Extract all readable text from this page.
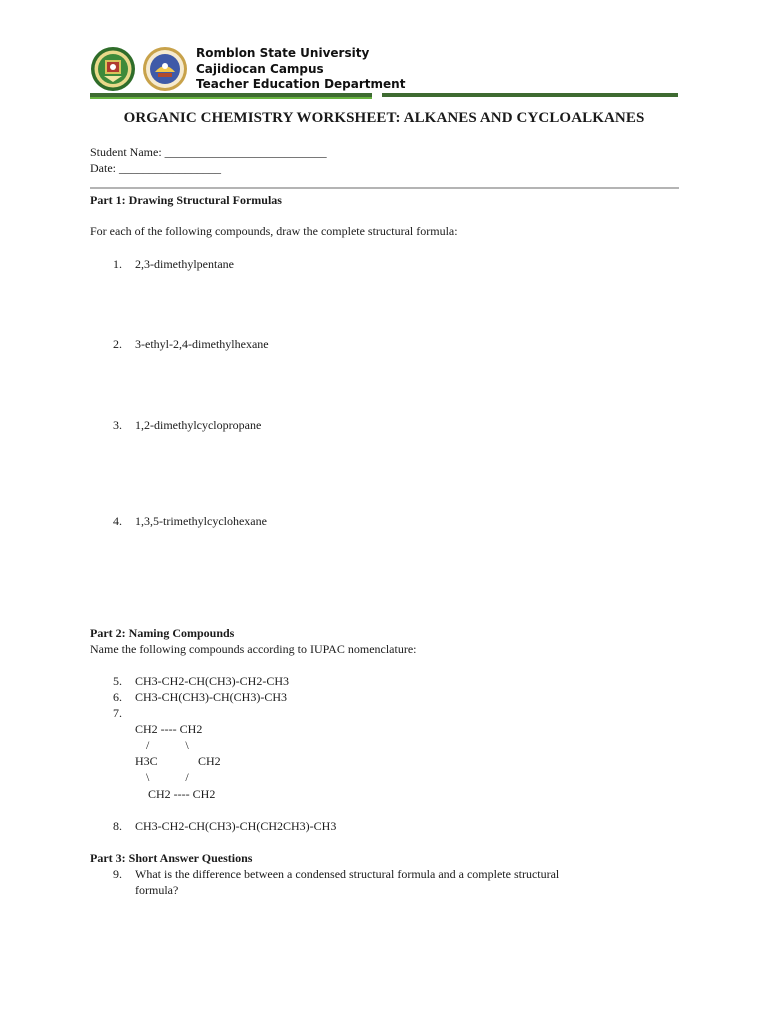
Romblon State University
Cajidiocan Campus
Teacher Education Department
ORGANIC CHEMISTRY WORKSHEET: ALKANES AND CYCLOALKANES
Student Name: ___________________________
Date: _________________
Part 1: Drawing Structural Formulas
For each of the following compounds, draw the complete structural formula:
1. 2,3-dimethylpentane
2. 3-ethyl-2,4-dimethylhexane
3. 1,2-dimethylcyclopropane
4. 1,3,5-trimethylcyclohexane
Part 2: Naming Compounds
Name the following compounds according to IUPAC nomenclature:
5. CH3-CH2-CH(CH3)-CH2-CH3
6. CH3-CH(CH3)-CH(CH3)-CH3
7.
CH2 ---- CH2
/            \
H3C	CH2
\            /
CH2 ---- CH2
8. CH3-CH2-CH(CH3)-CH(CH2CH3)-CH3
Part 3: Short Answer Questions
9. What is the difference between a condensed structural formula and a complete structural
formula?
